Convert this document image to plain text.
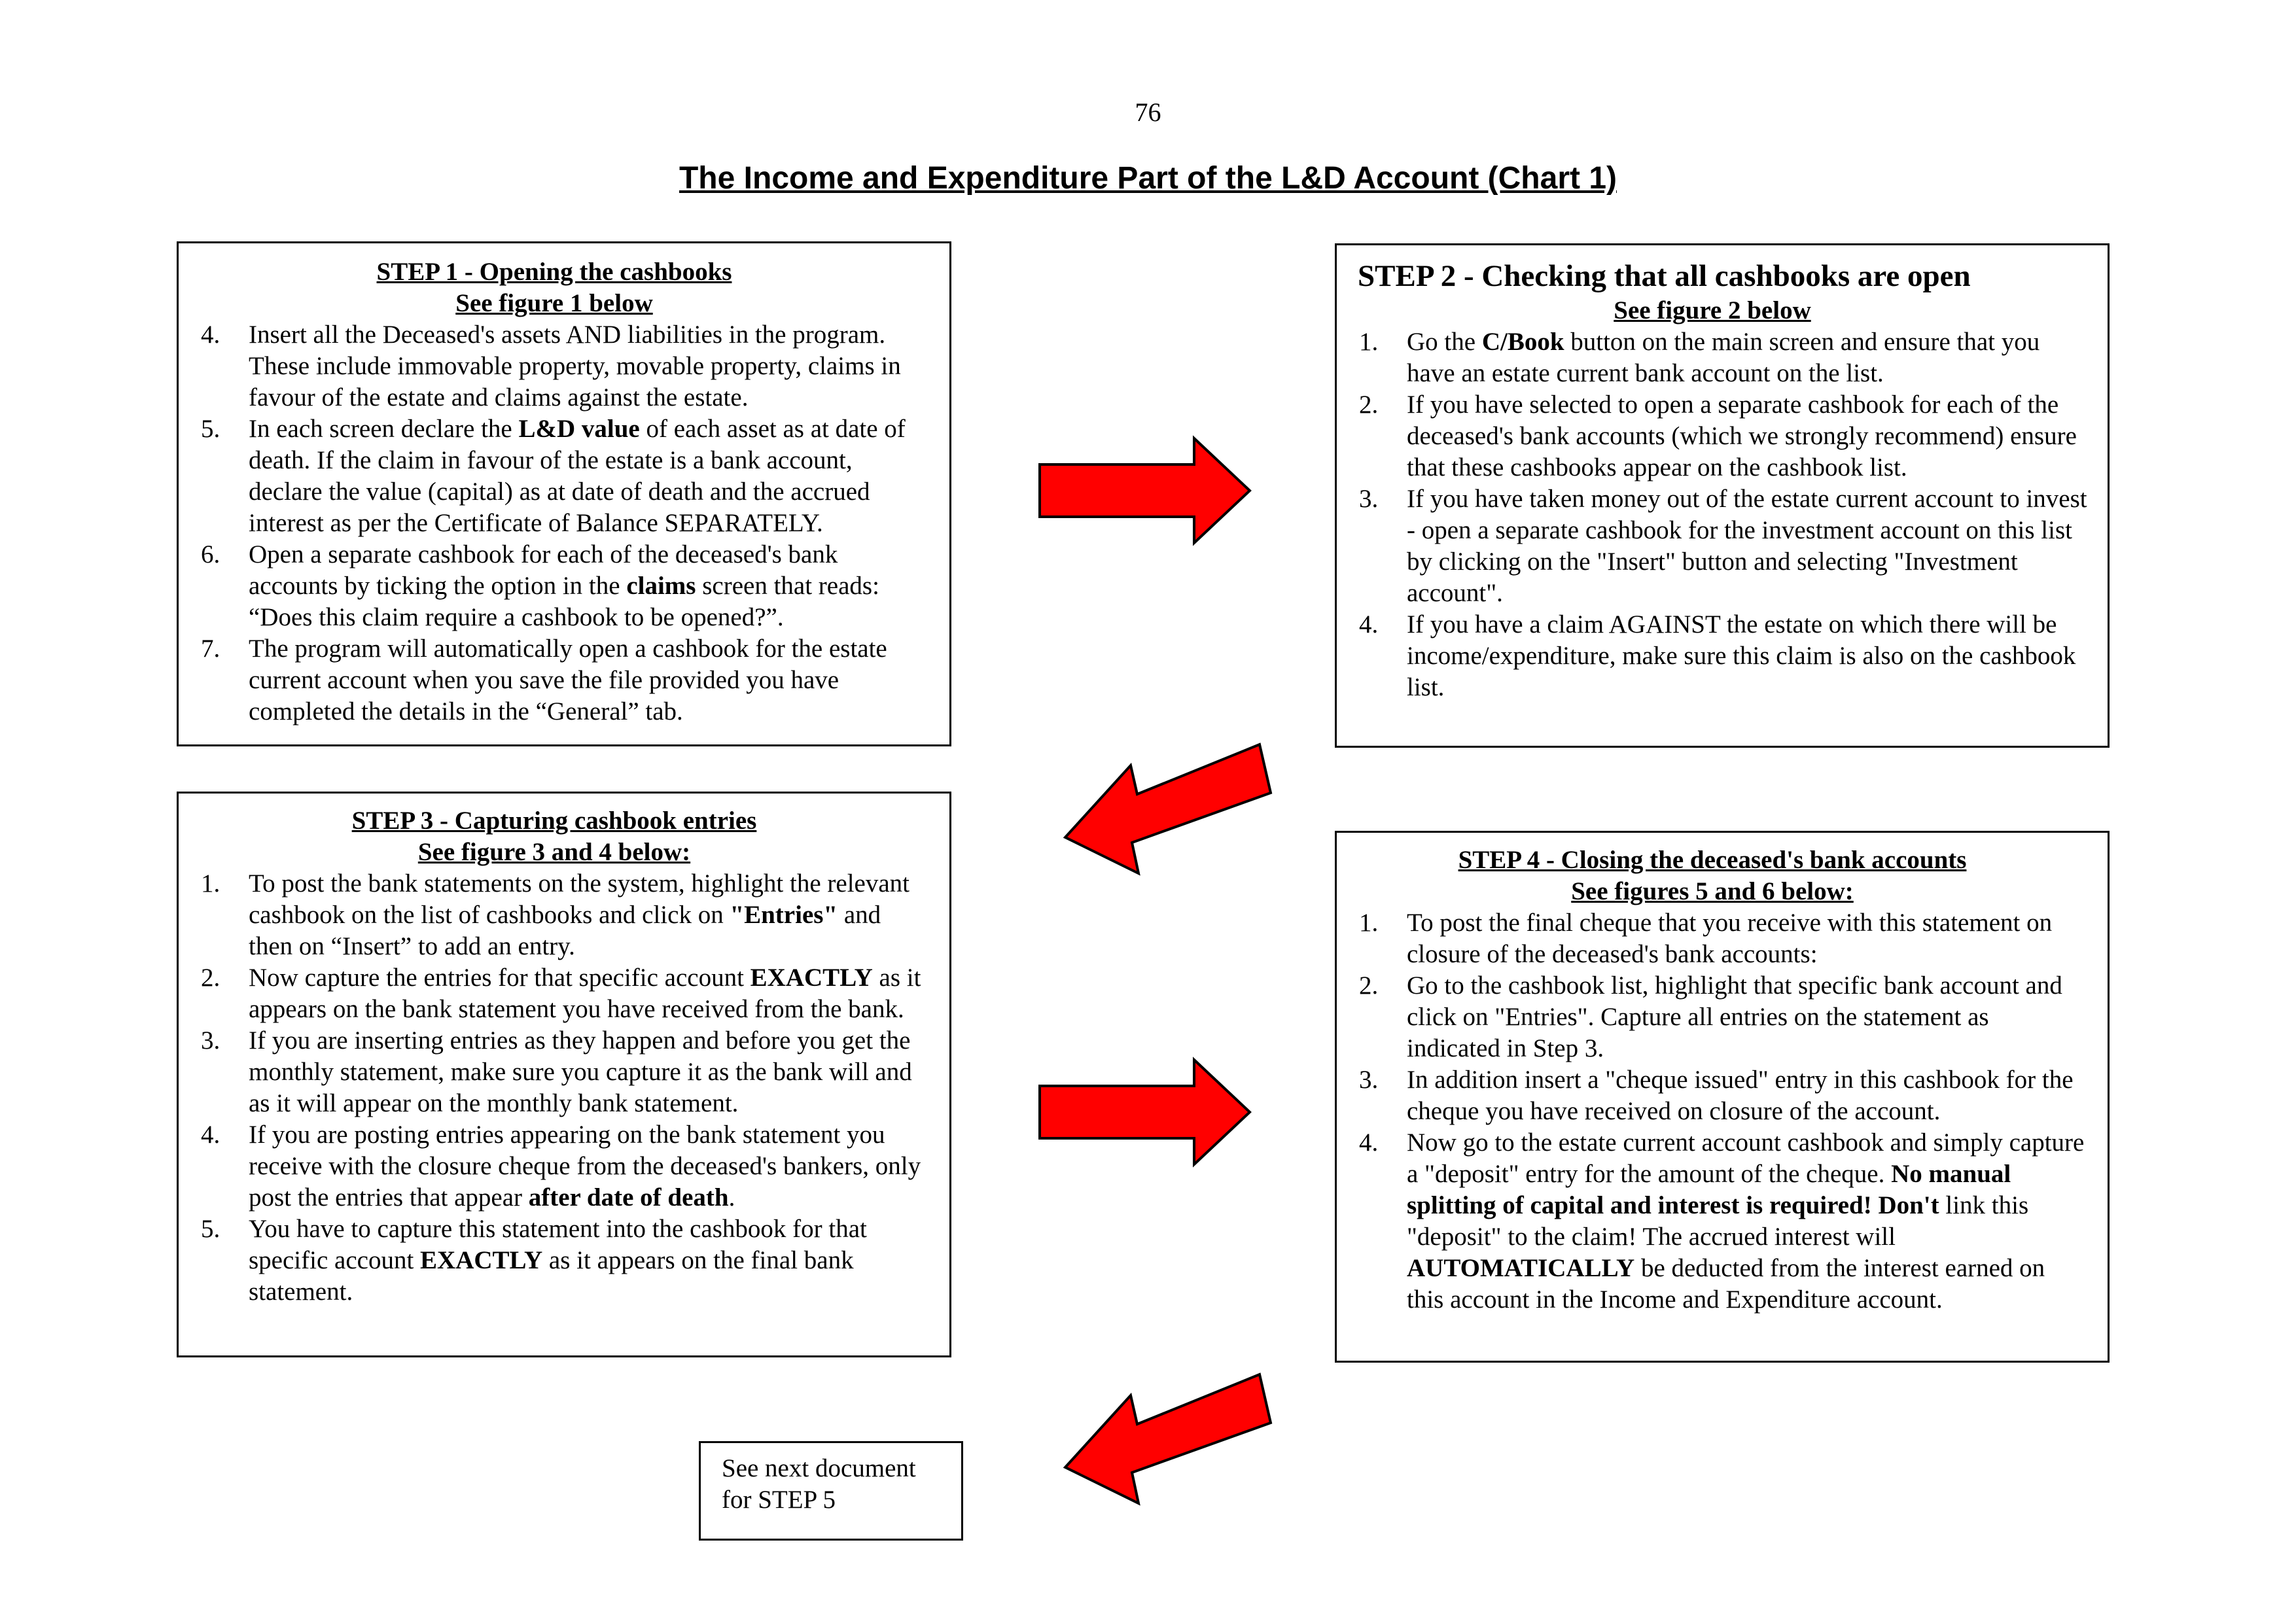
76
The Income and Expenditure Part of the L&D Account (Chart 1)
STEP 1 - Opening the cashbooks
See figure 1 below
4. Insert all the Deceased's assets AND liabilities in the program. These include immovable property, movable property, claims in favour of the estate and claims against the estate.
5. In each screen declare the L&D value of each asset as at date of death. If the claim in favour of the estate is a bank account, declare the value (capital) as at date of death and the accrued interest as per the Certificate of Balance SEPARATELY.
6. Open a separate cashbook for each of the deceased's bank accounts by ticking the option in the claims screen that reads: “Does this claim require a cashbook to be opened?”.
7. The program will automatically open a cashbook for the estate current account when you save the file provided you have completed the details in the “General” tab.
STEP 2 - Checking that all cashbooks are open
See figure 2 below
1. Go the C/Book button on the main screen and ensure that you have an estate current bank account on the list.
2. If you have selected to open a separate cashbook for each of the deceased's bank accounts (which we strongly recommend) ensure that these cashbooks appear on the cashbook list.
3. If you have taken money out of the estate current account to invest - open a separate cashbook for the investment account on this list by clicking on the "Insert" button and selecting "Investment account".
4. If you have a claim AGAINST the estate on which there will be income/expenditure, make sure this claim is also on the cashbook list.
STEP 3 - Capturing cashbook entries
See figure 3 and 4 below:
1. To post the bank statements on the system, highlight the relevant cashbook on the list of cashbooks and click on "Entries" and then on “Insert” to add an entry.
2. Now capture the entries for that specific account EXACTLY as it appears on the bank statement you have received from the bank.
3. If you are inserting entries as they happen and before you get the monthly statement, make sure you capture it as the bank will and as it will appear on the monthly bank statement.
4. If you are posting entries appearing on the bank statement you receive with the closure cheque from the deceased's bankers, only post the entries that appear after date of death.
5. You have to capture this statement into the cashbook for that specific account EXACTLY as it appears on the final bank statement.
STEP 4 - Closing the deceased's bank accounts
See figures 5 and 6 below:
1. To post the final cheque that you receive with this statement on closure of the deceased's bank accounts:
2. Go to the cashbook list, highlight that specific bank account and click on "Entries". Capture all entries on the statement as indicated in Step 3.
3. In addition insert a "cheque issued" entry in this cashbook for the cheque you have received on closure of the account.
4. Now go to the estate current account cashbook and simply capture a "deposit" entry for the amount of the cheque. No manual splitting of capital and interest is required! Don't link this "deposit" to the claim! The accrued interest will AUTOMATICALLY be deducted from the interest earned on this account in the Income and Expenditure account.
See next document
for STEP 5
